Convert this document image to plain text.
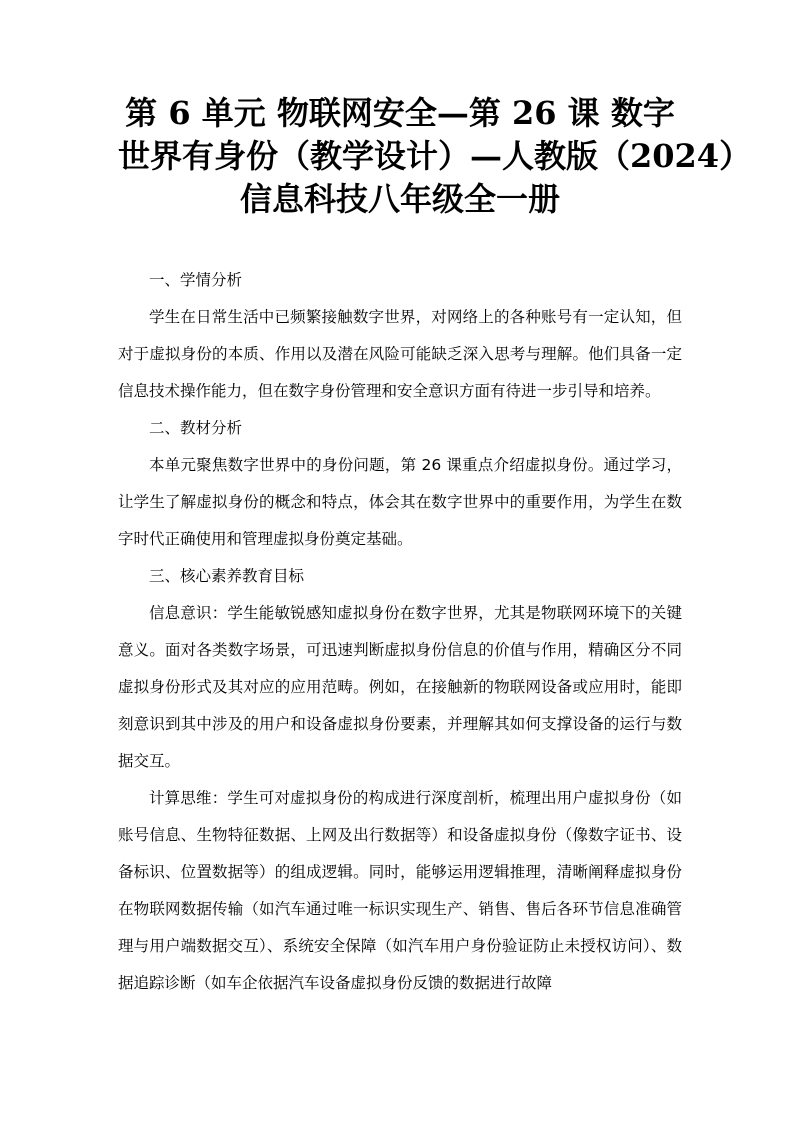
第 6 单元 物联网安全—第 26 课 数字
世界有身份（教学设计）—人教版（2024）
信息科技八年级全一册

一、学情分析

学生在日常生活中已频繁接触数字世界，对网络上的各种账号有一定认知，但对于虚拟身份的本质、作用以及潜在风险可能缺乏深入思考与理解。他们具备一定信息技术操作能力，但在数字身份管理和安全意识方面有待进一步引导和培养。

二、教材分析

本单元聚焦数字世界中的身份问题，第 26 课重点介绍虚拟身份。通过学习，让学生了解虚拟身份的概念和特点，体会其在数字世界中的重要作用，为学生在数字时代正确使用和管理虚拟身份奠定基础。

三、核心素养教育目标

信息意识：学生能敏锐感知虚拟身份在数字世界，尤其是物联网环境下的关键意义。面对各类数字场景，可迅速判断虚拟身份信息的价值与作用，精确区分不同虚拟身份形式及其对应的应用范畴。例如，在接触新的物联网设备或应用时，能即刻意识到其中涉及的用户和设备虚拟身份要素，并理解其如何支撑设备的运行与数据交互。

计算思维：学生可对虚拟身份的构成进行深度剖析，梳理出用户虚拟身份（如账号信息、生物特征数据、上网及出行数据等）和设备虚拟身份（像数字证书、设备标识、位置数据等）的组成逻辑。同时，能够运用逻辑推理，清晰阐释虚拟身份在物联网数据传输（如汽车通过唯一标识实现生产、销售、售后各环节信息准确管理与用户端数据交互）、系统安全保障（如汽车用户身份验证防止未授权访问）、数据追踪诊断（如车企依据汽车设备虚拟身份反馈的数据进行故障
